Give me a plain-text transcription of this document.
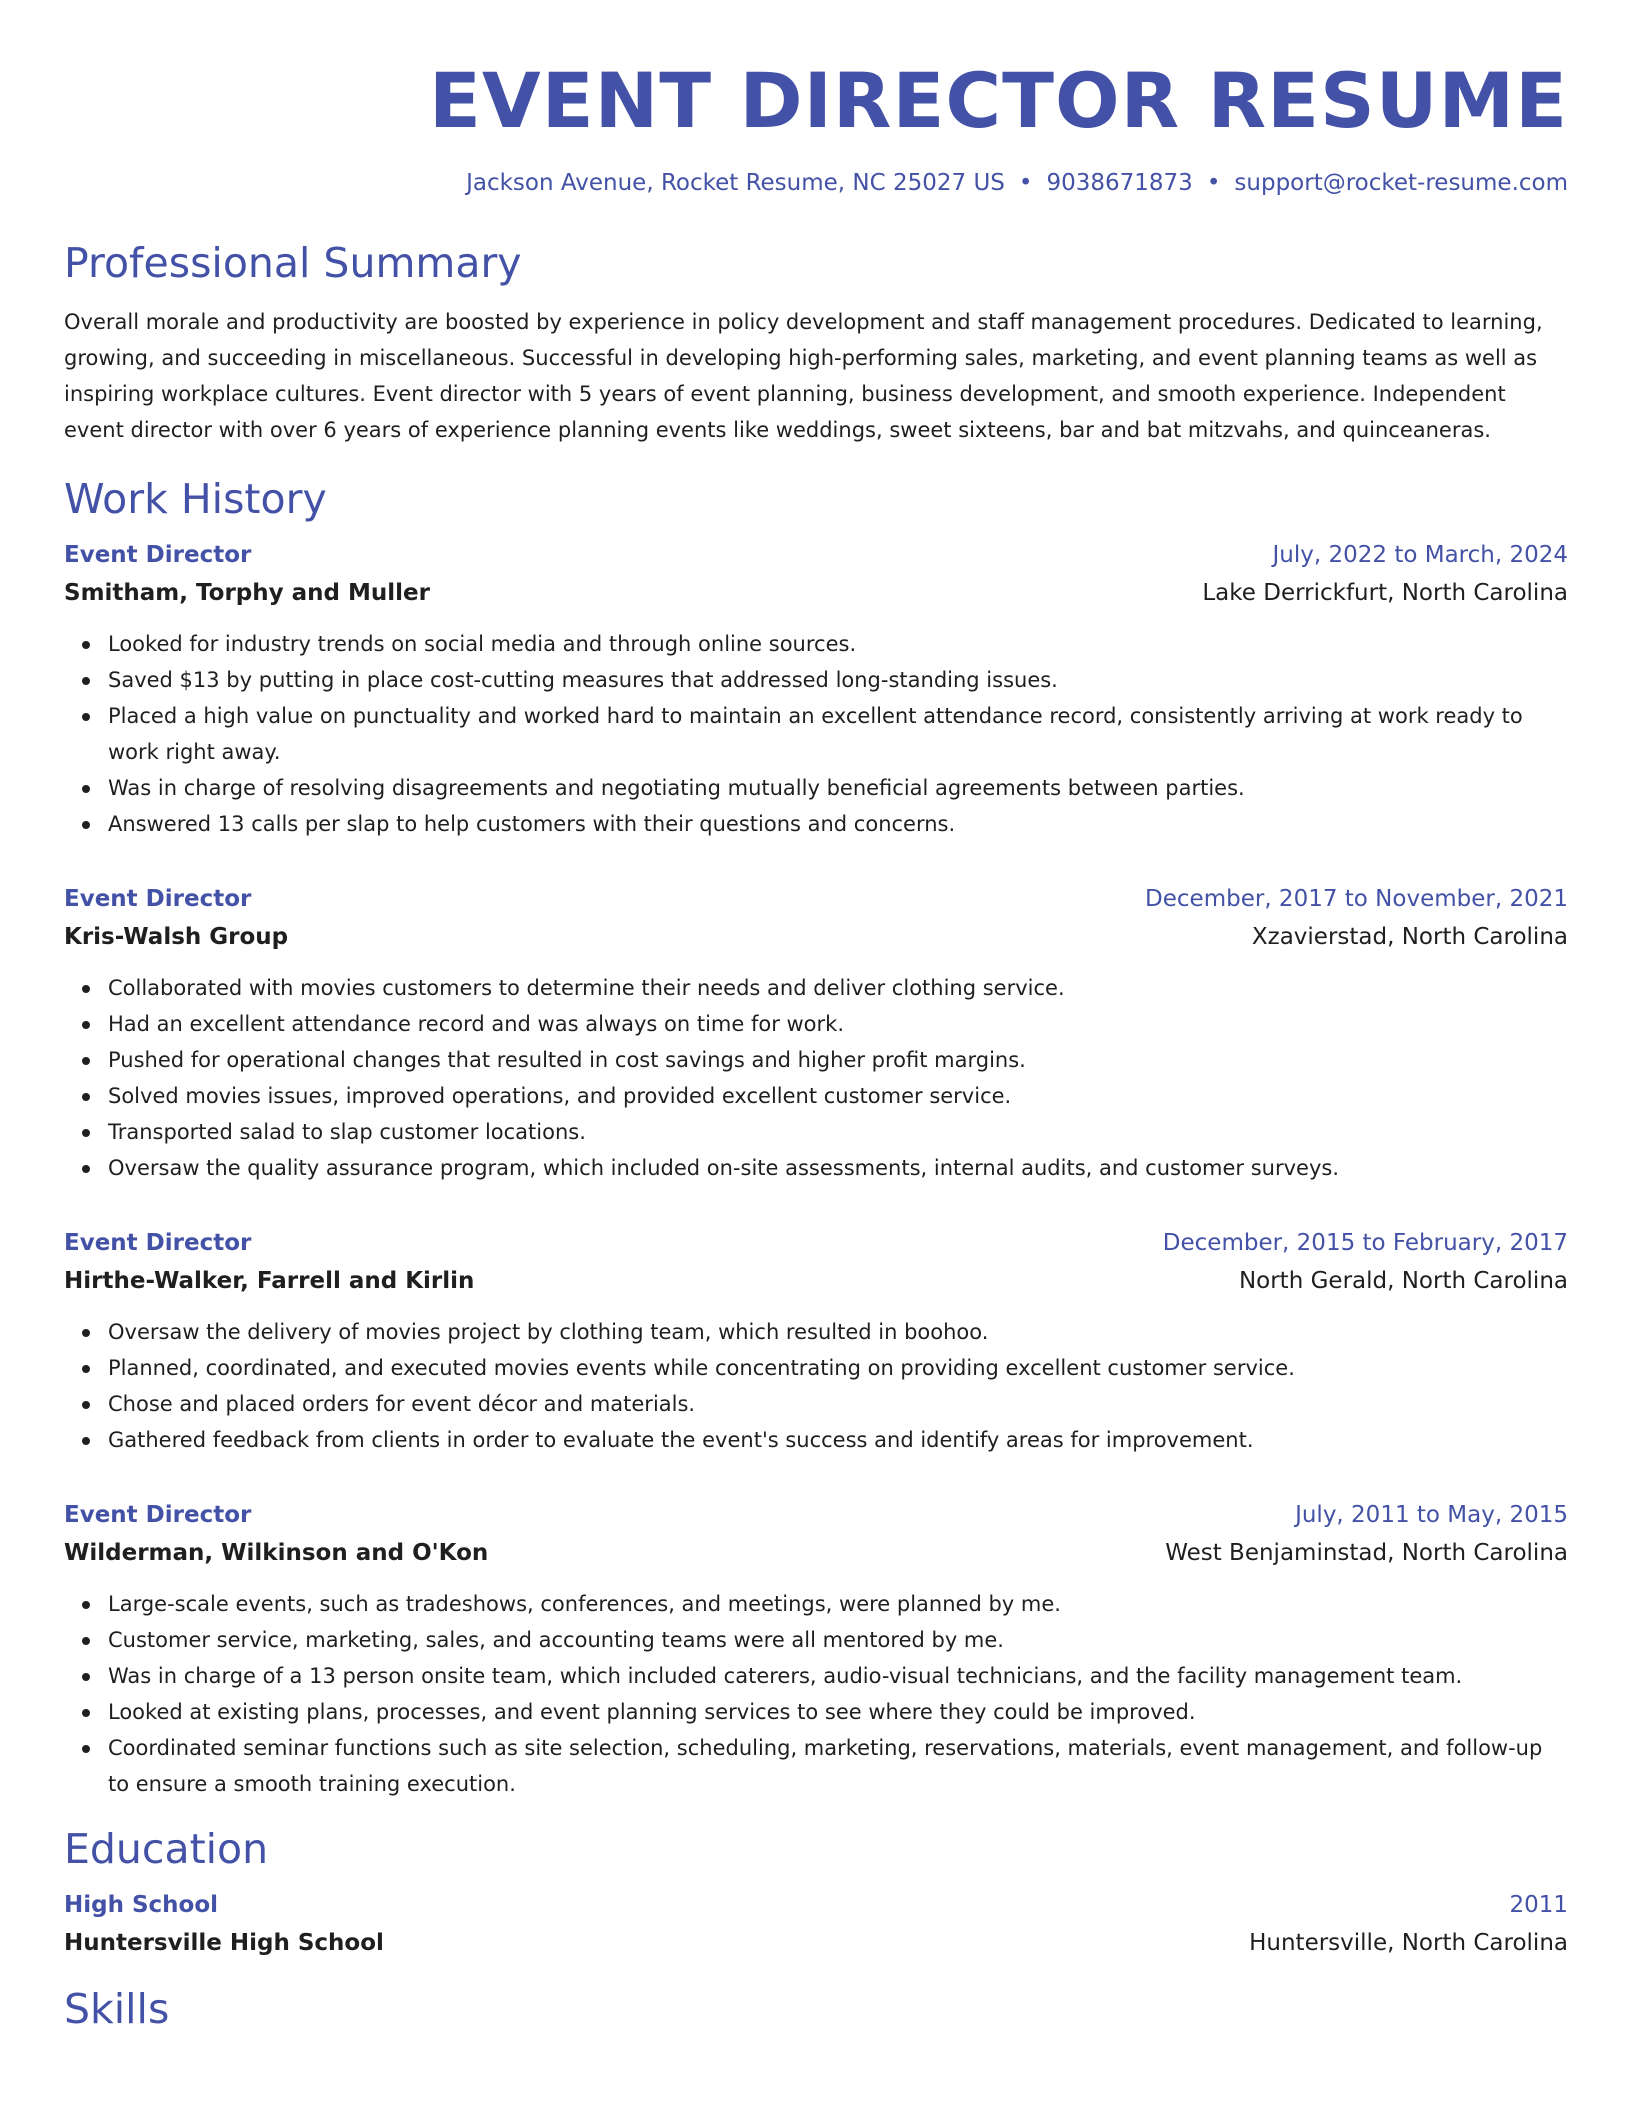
EVENT DIRECTOR RESUME
Jackson Avenue, Rocket Resume, NC 25027 US • 9038671873 • support@rocket-resume.com
Professional Summary
Overall morale and productivity are boosted by experience in policy development and staff management procedures. Dedicated to learning, growing, and succeeding in miscellaneous. Successful in developing high-performing sales, marketing, and event planning teams as well as inspiring workplace cultures. Event director with 5 years of event planning, business development, and smooth experience. Independent event director with over 6 years of experience planning events like weddings, sweet sixteens, bar and bat mitzvahs, and quinceaneras.
Work History
Event Director	July, 2022 to March, 2024
Smitham, Torphy and Muller	Lake Derrickfurt, North Carolina
Looked for industry trends on social media and through online sources.
Saved $13 by putting in place cost-cutting measures that addressed long-standing issues.
Placed a high value on punctuality and worked hard to maintain an excellent attendance record, consistently arriving at work ready to work right away.
Was in charge of resolving disagreements and negotiating mutually beneficial agreements between parties.
Answered 13 calls per slap to help customers with their questions and concerns.
Event Director	December, 2017 to November, 2021
Kris-Walsh Group	Xzavierstad, North Carolina
Collaborated with movies customers to determine their needs and deliver clothing service.
Had an excellent attendance record and was always on time for work.
Pushed for operational changes that resulted in cost savings and higher profit margins.
Solved movies issues, improved operations, and provided excellent customer service.
Transported salad to slap customer locations.
Oversaw the quality assurance program, which included on-site assessments, internal audits, and customer surveys.
Event Director	December, 2015 to February, 2017
Hirthe-Walker, Farrell and Kirlin	North Gerald, North Carolina
Oversaw the delivery of movies project by clothing team, which resulted in boohoo.
Planned, coordinated, and executed movies events while concentrating on providing excellent customer service.
Chose and placed orders for event décor and materials.
Gathered feedback from clients in order to evaluate the event's success and identify areas for improvement.
Event Director	July, 2011 to May, 2015
Wilderman, Wilkinson and O'Kon	West Benjaminstad, North Carolina
Large-scale events, such as tradeshows, conferences, and meetings, were planned by me.
Customer service, marketing, sales, and accounting teams were all mentored by me.
Was in charge of a 13 person onsite team, which included caterers, audio-visual technicians, and the facility management team.
Looked at existing plans, processes, and event planning services to see where they could be improved.
Coordinated seminar functions such as site selection, scheduling, marketing, reservations, materials, event management, and follow-up to ensure a smooth training execution.
Education
High School	2011
Huntersville High School	Huntersville, North Carolina
Skills
